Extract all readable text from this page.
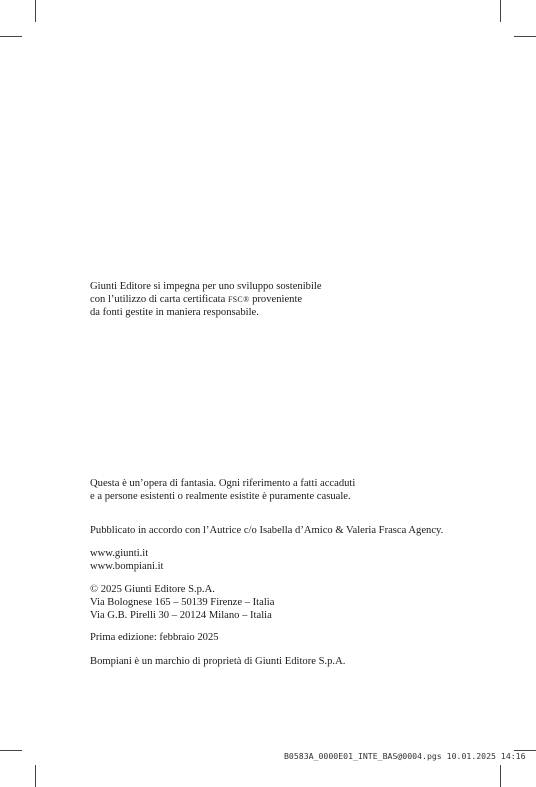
Giunti Editore si impegna per uno sviluppo sostenibile

con l’utilizzo di carta certificata FSC® proveniente

da fonti gestite in maniera responsabile.

Questa è un’opera di fantasia. Ogni riferimento a fatti accaduti

e a persone esistenti o realmente esistite è puramente casuale.

Pubblicato in accordo con l’Autrice c/o Isabella d’Amico & Valeria Frasca Agency.

www.giunti.it

www.bompiani.it

© 2025 Giunti Editore S.p.A.

Via Bolognese 165 – 50139 Firenze – Italia

Via G.B. Pirelli 30 – 20124 Milano – Italia

Prima edizione: febbraio 2025

Bompiani è un marchio di proprietà di Giunti Editore S.p.A.

B0583A_0000E01_INTE_BAS@0004.pgs 10.01.2025 14:16
